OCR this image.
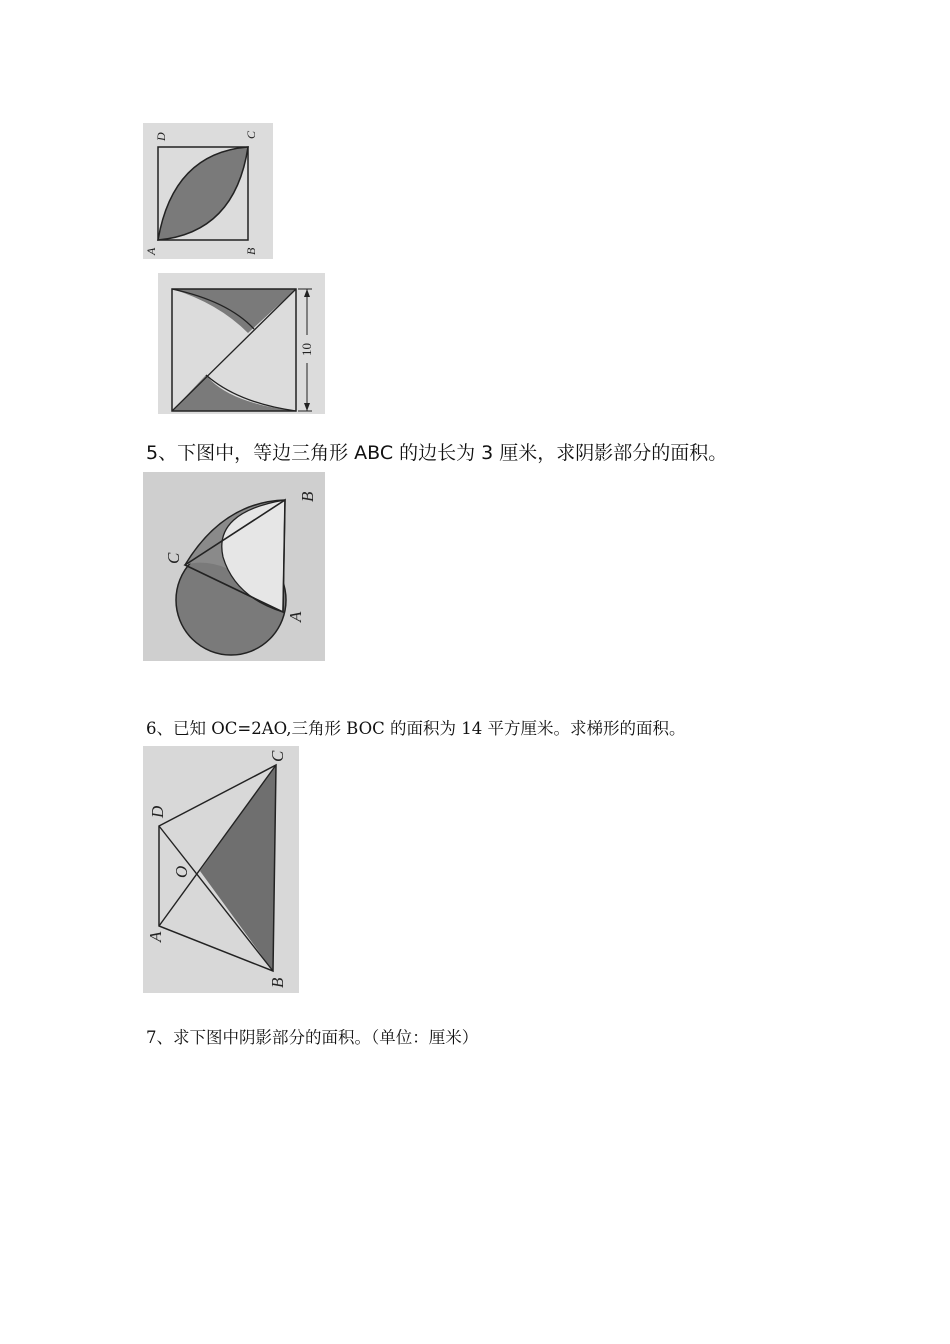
D	C
A	B
10
5、下图中，等边三角形 ABC 的边长为 3 厘米，求阴影部分的面积。
B
C
A
6、已知 OC=2AO,三角形 BOC 的面积为 14 平方厘米。求梯形的面积。
C
D
O
A
B
7、求下图中阴影部分的面积。（单位：厘米）
